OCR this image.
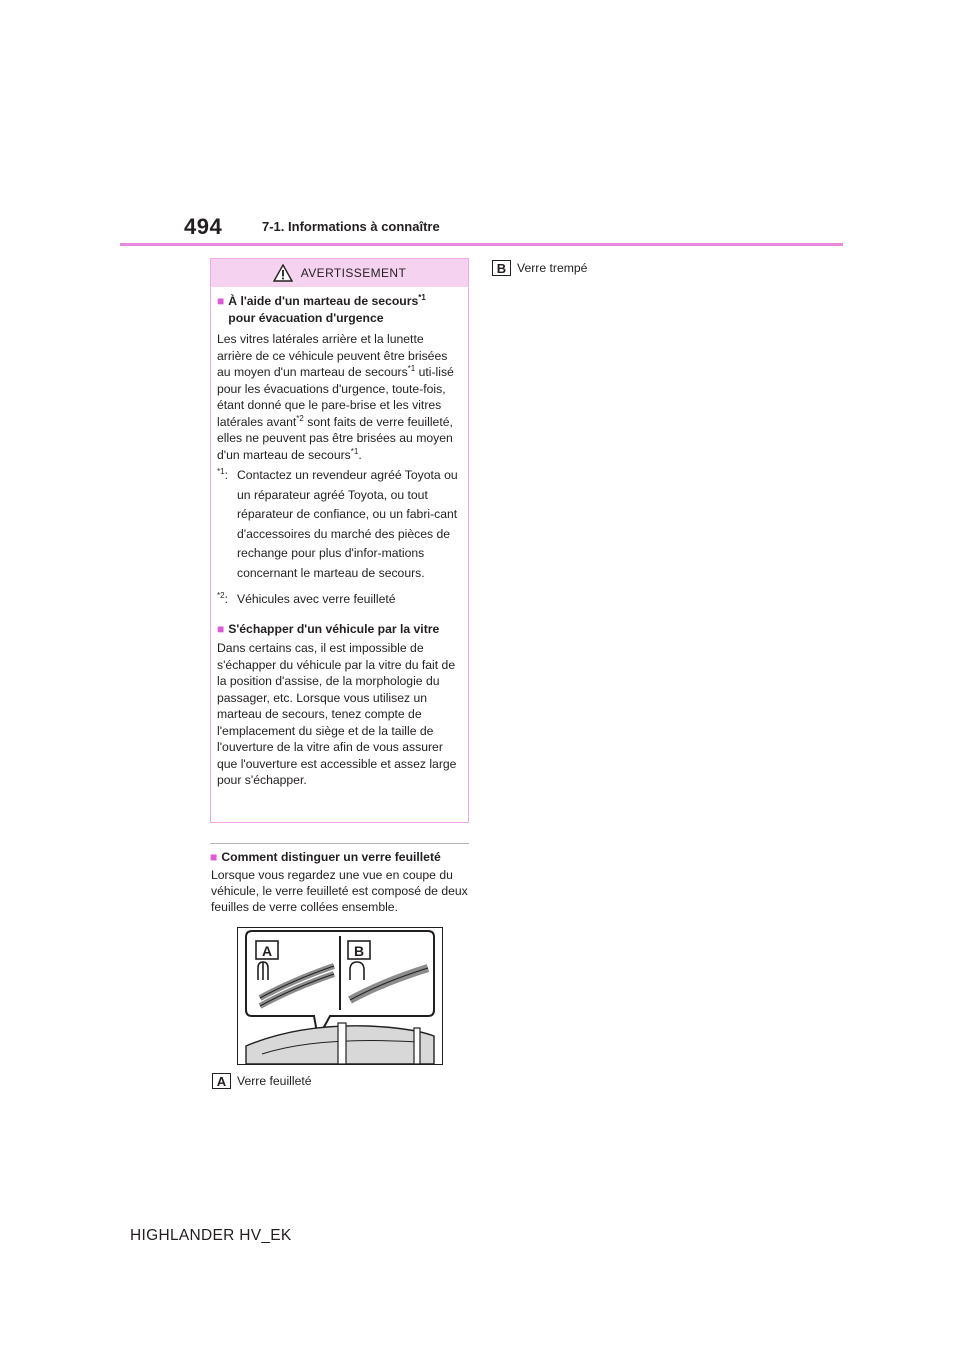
494	7-1. Informations à connaître
AVERTISSEMENT
■ À l'aide d'un marteau de secours$^{*1}$
pour évacuation d'urgence
Les vitres latérales arrière et la lunette arrière de ce véhicule peuvent être brisées au moyen d'un marteau de secours$^{*1}$ uti-lisé pour les évacuations d'urgence, toute-fois, étant donné que le pare-brise et les vitres latérales avant$^{*2}$ sont faits de verre feuilleté, elles ne peuvent pas être brisées au moyen d'un marteau de secours$^{*1}$.
$^{*1}$: Contactez un revendeur agréé Toyota ou un réparateur agréé Toyota, ou tout réparateur de confiance, ou un fabri-cant d'accessoires du marché des pièces de rechange pour plus d'infor-mations concernant le marteau de secours.
$^{*2}$: Véhicules avec verre feuilleté
■ S'échapper d'un véhicule par la vitre
Dans certains cas, il est impossible de s'échapper du véhicule par la vitre du fait de la position d'assise, de la morphologie du passager, etc. Lorsque vous utilisez un marteau de secours, tenez compte de l'emplacement du siège et de la taille de l'ouverture de la vitre afin de vous assurer que l'ouverture est accessible et assez large pour s'échapper.
■ Comment distinguer un verre feuilleté
Lorsque vous regardez une vue en coupe du véhicule, le verre feuilleté est composé de deux feuilles de verre collées ensemble.
A	B
A Verre feuilleté
B Verre trempé
HIGHLANDER HV_EK
